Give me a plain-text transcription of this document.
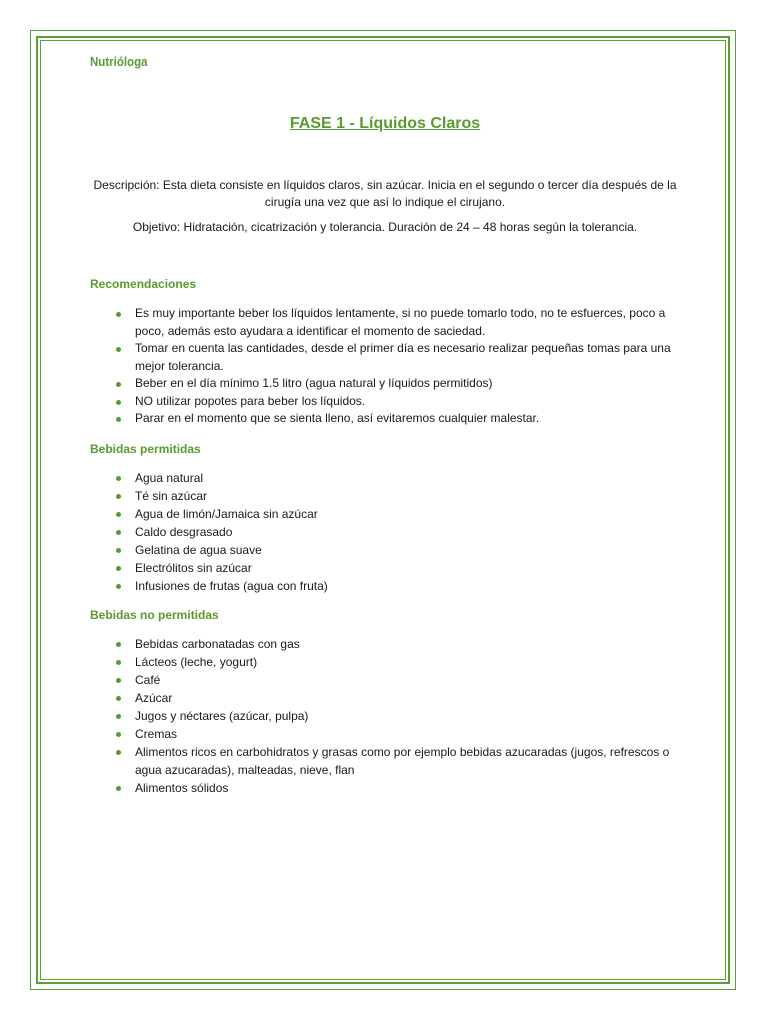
Nutrióloga

FASE 1 - Líquidos Claros

Descripción: Esta dieta consiste en líquidos claros, sin azúcar. Inicia en el segundo o tercer día después de la cirugía una vez que así lo indique el cirujano.

Objetivo: Hidratación, cicatrización y tolerancia. Duración de 24 – 48 horas según la tolerancia.

Recomendaciones
Es muy importante beber los líquidos lentamente, si no puede tomarlo todo, no te esfuerces, poco a poco, además esto ayudara a identificar el momento de saciedad.
Tomar en cuenta las cantidades, desde el primer día es necesario realizar pequeñas tomas para una mejor tolerancia.
Beber en el día mínimo 1.5 litro (agua natural y líquidos permitidos)
NO utilizar popotes para beber los líquidos.
Parar en el momento que se sienta lleno, así evitaremos cualquier malestar.
Bebidas permitidas
Agua natural
Té sin azúcar
Agua de limón/Jamaica sin azúcar
Caldo desgrasado
Gelatina de agua suave
Electrólitos sin azúcar
Infusiones de frutas (agua con fruta)
Bebidas no permitidas
Bebidas carbonatadas con gas
Lácteos (leche, yogurt)
Café
Azúcar
Jugos y néctares (azúcar, pulpa)
Cremas
Alimentos ricos en carbohidratos y grasas como por ejemplo bebidas azucaradas (jugos, refrescos o agua azucaradas), malteadas, nieve, flan
Alimentos sólidos
